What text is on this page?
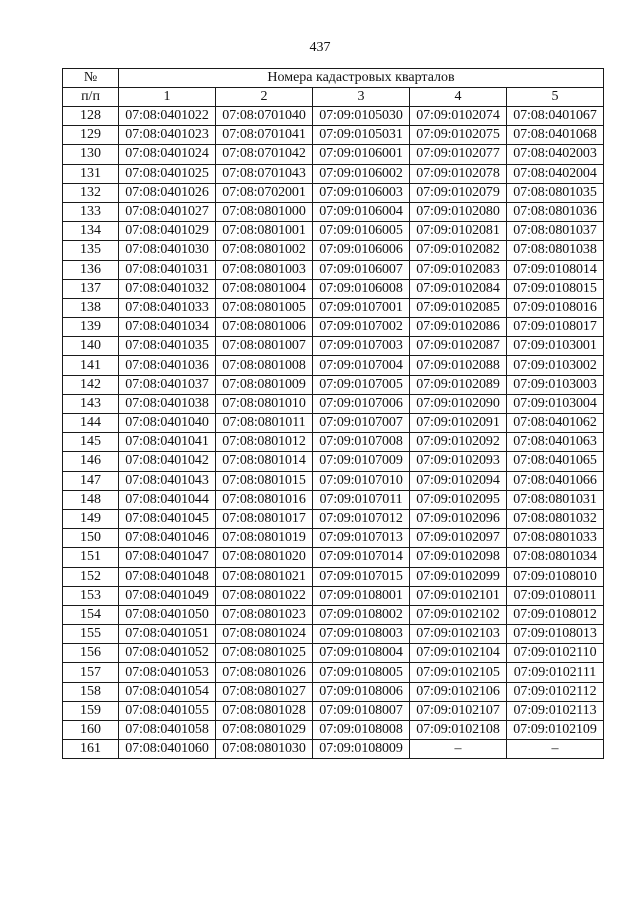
437
№	Номера кадастровых кварталов				
п/п	1	2	3	4	5
128	07:08:0401022	07:08:0701040	07:09:0105030	07:09:0102074	07:08:0401067
129	07:08:0401023	07:08:0701041	07:09:0105031	07:09:0102075	07:08:0401068
130	07:08:0401024	07:08:0701042	07:09:0106001	07:09:0102077	07:08:0402003
131	07:08:0401025	07:08:0701043	07:09:0106002	07:09:0102078	07:08:0402004
132	07:08:0401026	07:08:0702001	07:09:0106003	07:09:0102079	07:08:0801035
133	07:08:0401027	07:08:0801000	07:09:0106004	07:09:0102080	07:08:0801036
134	07:08:0401029	07:08:0801001	07:09:0106005	07:09:0102081	07:08:0801037
135	07:08:0401030	07:08:0801002	07:09:0106006	07:09:0102082	07:08:0801038
136	07:08:0401031	07:08:0801003	07:09:0106007	07:09:0102083	07:09:0108014
137	07:08:0401032	07:08:0801004	07:09:0106008	07:09:0102084	07:09:0108015
138	07:08:0401033	07:08:0801005	07:09:0107001	07:09:0102085	07:09:0108016
139	07:08:0401034	07:08:0801006	07:09:0107002	07:09:0102086	07:09:0108017
140	07:08:0401035	07:08:0801007	07:09:0107003	07:09:0102087	07:09:0103001
141	07:08:0401036	07:08:0801008	07:09:0107004	07:09:0102088	07:09:0103002
142	07:08:0401037	07:08:0801009	07:09:0107005	07:09:0102089	07:09:0103003
143	07:08:0401038	07:08:0801010	07:09:0107006	07:09:0102090	07:09:0103004
144	07:08:0401040	07:08:0801011	07:09:0107007	07:09:0102091	07:08:0401062
145	07:08:0401041	07:08:0801012	07:09:0107008	07:09:0102092	07:08:0401063
146	07:08:0401042	07:08:0801014	07:09:0107009	07:09:0102093	07:08:0401065
147	07:08:0401043	07:08:0801015	07:09:0107010	07:09:0102094	07:08:0401066
148	07:08:0401044	07:08:0801016	07:09:0107011	07:09:0102095	07:08:0801031
149	07:08:0401045	07:08:0801017	07:09:0107012	07:09:0102096	07:08:0801032
150	07:08:0401046	07:08:0801019	07:09:0107013	07:09:0102097	07:08:0801033
151	07:08:0401047	07:08:0801020	07:09:0107014	07:09:0102098	07:08:0801034
152	07:08:0401048	07:08:0801021	07:09:0107015	07:09:0102099	07:09:0108010
153	07:08:0401049	07:08:0801022	07:09:0108001	07:09:0102101	07:09:0108011
154	07:08:0401050	07:08:0801023	07:09:0108002	07:09:0102102	07:09:0108012
155	07:08:0401051	07:08:0801024	07:09:0108003	07:09:0102103	07:09:0108013
156	07:08:0401052	07:08:0801025	07:09:0108004	07:09:0102104	07:09:0102110
157	07:08:0401053	07:08:0801026	07:09:0108005	07:09:0102105	07:09:0102111
158	07:08:0401054	07:08:0801027	07:09:0108006	07:09:0102106	07:09:0102112
159	07:08:0401055	07:08:0801028	07:09:0108007	07:09:0102107	07:09:0102113
160	07:08:0401058	07:08:0801029	07:09:0108008	07:09:0102108	07:09:0102109
161	07:08:0401060	07:08:0801030	07:09:0108009	–	–
